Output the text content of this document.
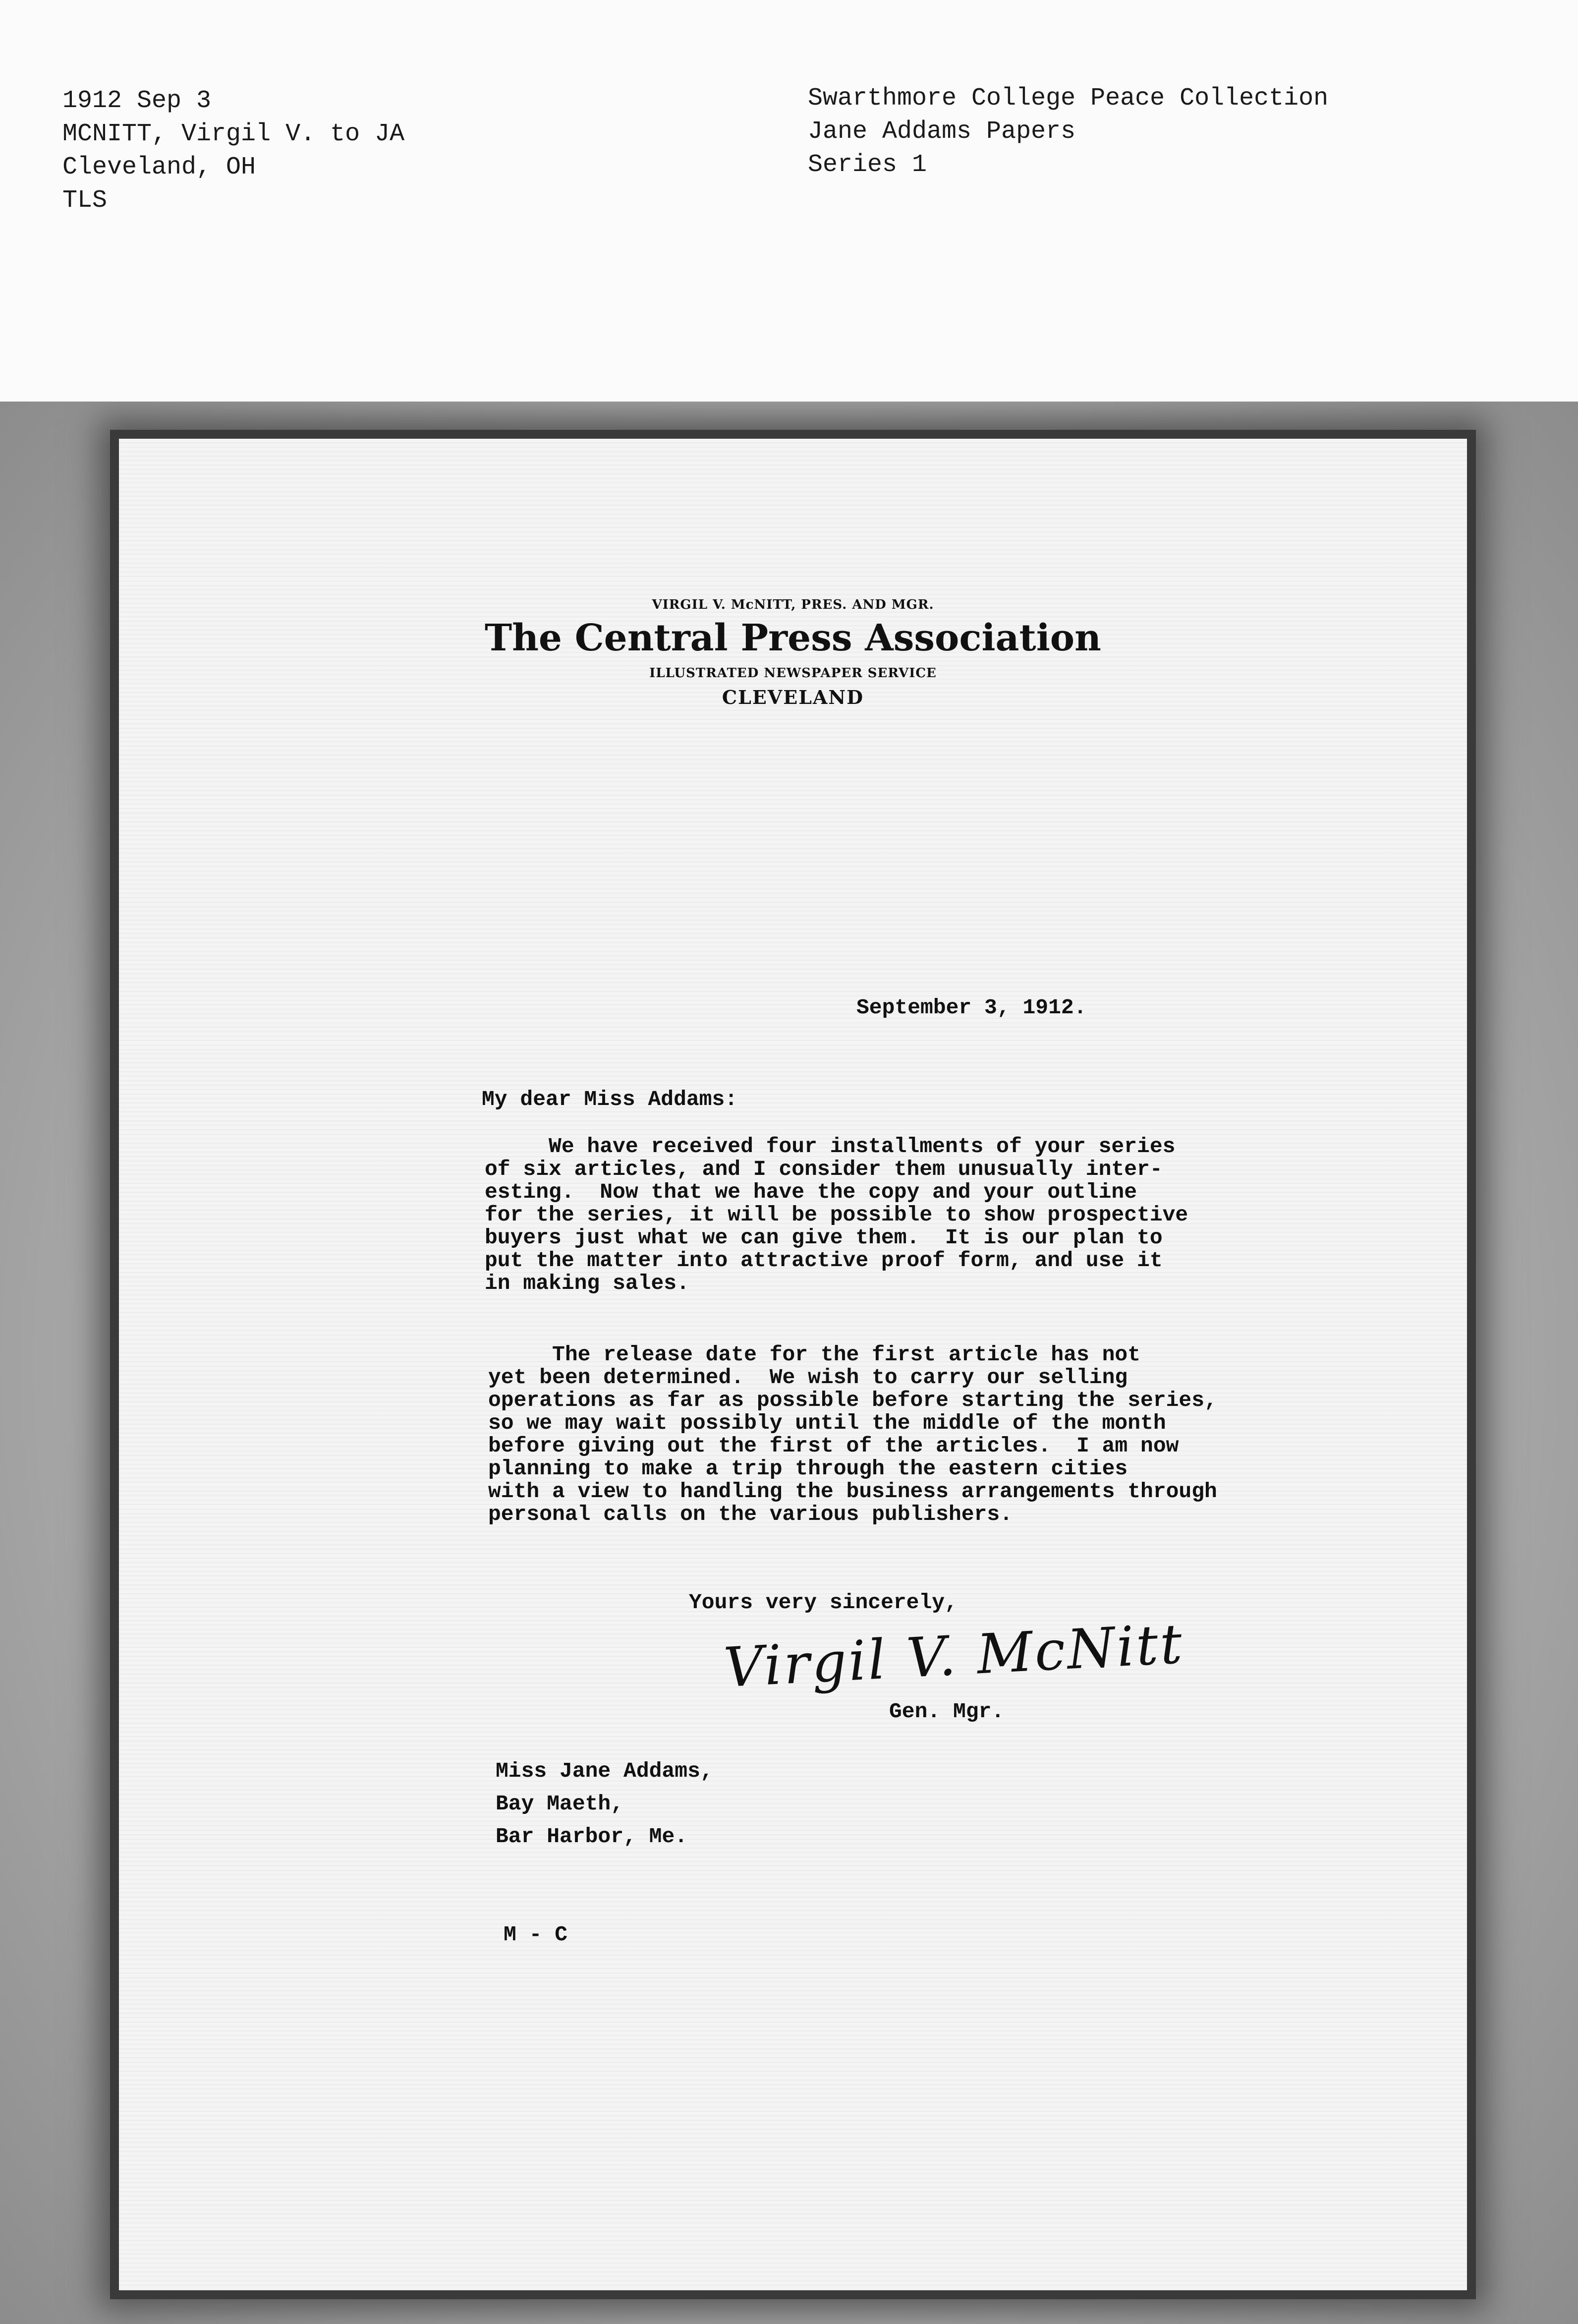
1912 Sep 3
MCNITT, Virgil V. to JA
Cleveland, OH
TLS
Swarthmore College Peace Collection
Jane Addams Papers
Series 1
VIRGIL V. McNITT, PRES. AND MGR.
The Central Press Association
ILLUSTRATED NEWSPAPER SERVICE
CLEVELAND
September 3, 1912.
My dear Miss Addams:
We have received four installments of your series
of six articles, and I consider them unusually inter-
esting.  Now that we have the copy and your outline
for the series, it will be possible to show prospective
buyers just what we can give them.  It is our plan to
put the matter into attractive proof form, and use it
in making sales.
The release date for the first article has not
yet been determined.  We wish to carry our selling
operations as far as possible before starting the series,
so we may wait possibly until the middle of the month
before giving out the first of the articles.  I am now
planning to make a trip through the eastern cities
with a view to handling the business arrangements through
personal calls on the various publishers.
Yours very sincerely,
Virgil V. McNitt
Gen. Mgr.
Miss Jane Addams,
Bay Maeth,
Bar Harbor, Me.
M - C
